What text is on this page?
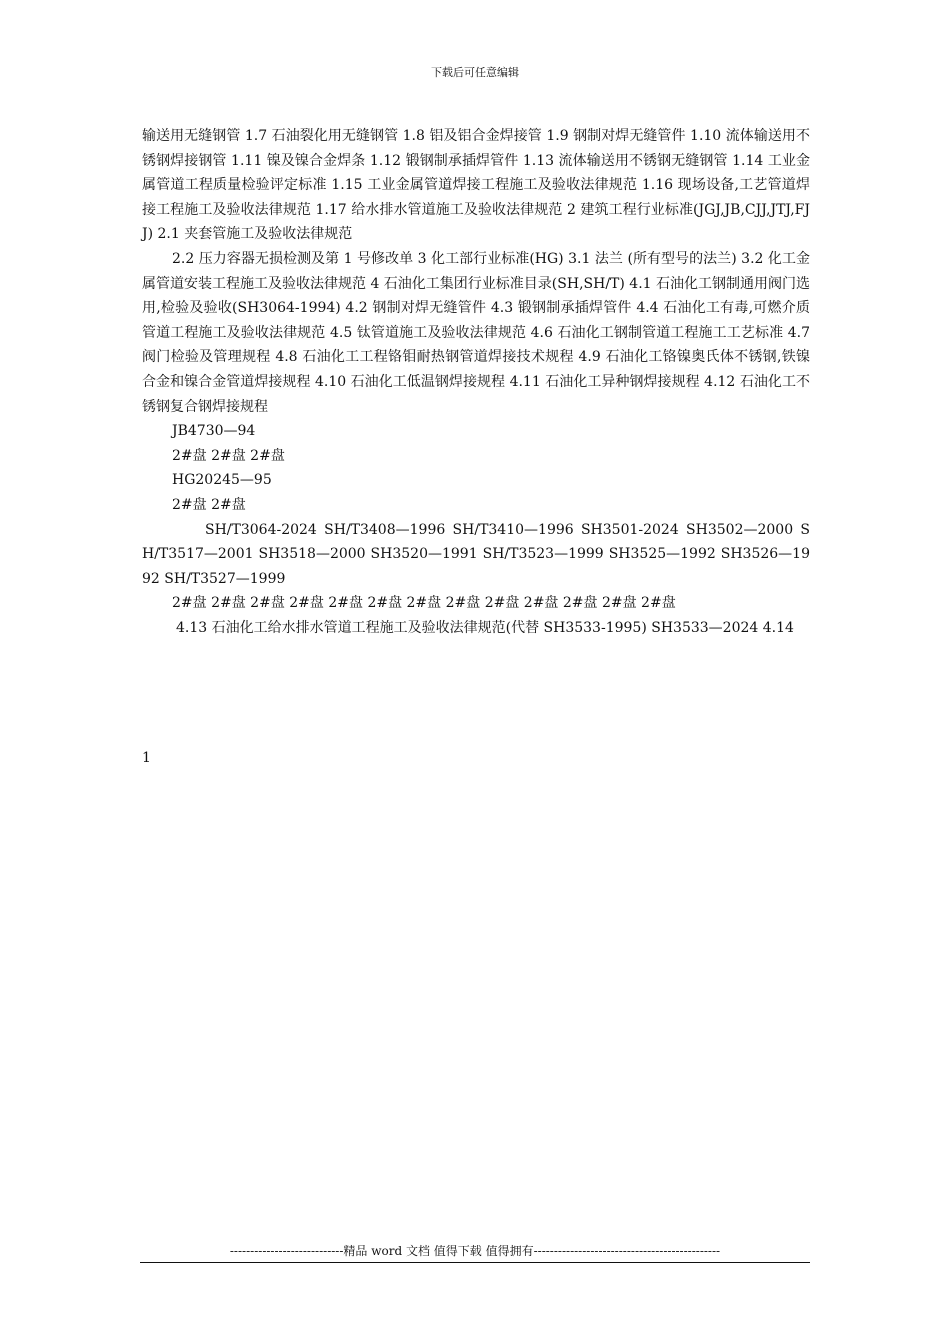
下载后可任意编辑

输送用无缝钢管 1.7 石油裂化用无缝钢管 1.8 铝及铝合金焊接管 1.9 钢制对焊无缝管件 1.10 流体输送用不锈钢焊接钢管 1.11 镍及镍合金焊条 1.12 锻钢制承插焊管件 1.13 流体输送用不锈钢无缝钢管 1.14 工业金属管道工程质量检验评定标准 1.15 工业金属管道焊接工程施工及验收法律规范 1.16 现场设备,工艺管道焊接工程施工及验收法律规范 1.17 给水排水管道施工及验收法律规范 2 建筑工程行业标准(JGJ,JB,CJJ,JTJ,FJJ) 2.1 夹套管施工及验收法律规范

2.2 压力容器无损检测及第 1 号修改单 3 化工部行业标准(HG) 3.1 法兰 (所有型号的法兰) 3.2 化工金属管道安装工程施工及验收法律规范 4 石油化工集团行业标准目录(SH,SH/T) 4.1 石油化工钢制通用阀门选用,检验及验收(SH3064-1994) 4.2 钢制对焊无缝管件 4.3 锻钢制承插焊管件 4.4 石油化工有毒,可燃介质管道工程施工及验收法律规范 4.5 钛管道施工及验收法律规范 4.6 石油化工钢制管道工程施工工艺标准 4.7 阀门检验及管理规程 4.8 石油化工工程铬钼耐热钢管道焊接技术规程 4.9 石油化工铬镍奥氏体不锈钢,铁镍合金和镍合金管道焊接规程 4.10 石油化工低温钢焊接规程 4.11 石油化工异种钢焊接规程 4.12 石油化工不锈钢复合钢焊接规程

JB4730—94

2#盘 2#盘 2#盘

HG20245—95

2#盘 2#盘

SH/T3064-2024 SH/T3408—1996 SH/T3410—1996 SH3501-2024 SH3502—2000 SH/T3517—2001 SH3518—2000 SH3520—1991 SH/T3523—1999 SH3525—1992 SH3526—1992 SH/T3527—1999

2#盘 2#盘 2#盘 2#盘 2#盘 2#盘 2#盘 2#盘 2#盘 2#盘 2#盘 2#盘 2#盘

4.13 石油化工给水排水管道工程施工及验收法律规范(代替 SH3533-1995) SH3533—2024 4.14

1
----------------------------精品 word 文档 值得下载 值得拥有----------------------------------------------
